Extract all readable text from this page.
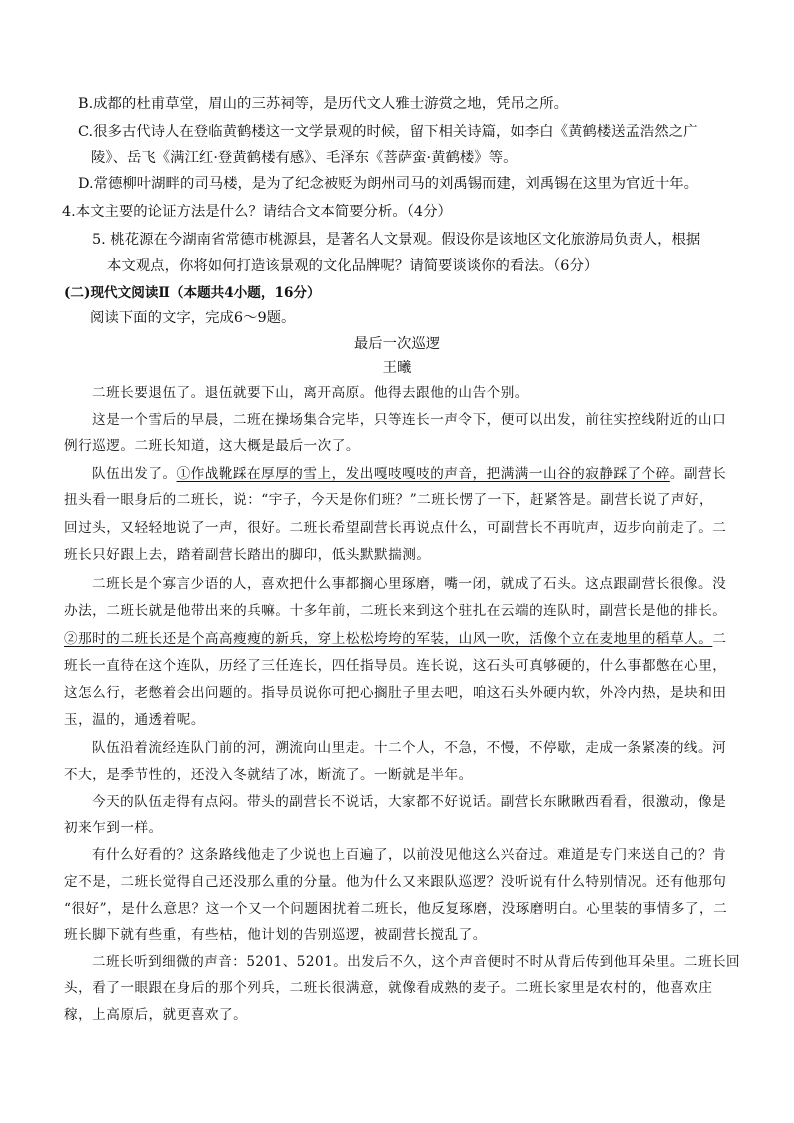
B.成都的杜甫草堂，眉山的三苏祠等，是历代文人雅士游赏之地，凭吊之所。
C.很多古代诗人在登临黄鹤楼这一文学景观的时候，留下相关诗篇，如李白《黄鹤楼送孟浩然之广
陵》、岳飞《满江红·登黄鹤楼有感》、毛泽东《菩萨蛮·黄鹤楼》等。
D.常德柳叶湖畔的司马楼，是为了纪念被贬为朗州司马的刘禹锡而建，刘禹锡在这里为官近十年。
4.本文主要的论证方法是什么？请结合文本简要分析。（4分）
5. 桃花源在今湖南省常德市桃源县，是著名人文景观。假设你是该地区文化旅游局负责人，根据
本文观点，你将如何打造该景观的文化品牌呢？请简要谈谈你的看法。（6分）
(二)现代文阅读Ⅱ（本题共4小题，16分）
阅读下面的文字，完成6～9题。
最后一次巡逻
王曦
二班长要退伍了。退伍就要下山，离开高原。他得去跟他的山告个别。
这是一个雪后的早晨，二班在操场集合完毕，只等连长一声令下，便可以出发，前往实控线附近的山口
例行巡逻。二班长知道，这大概是最后一次了。
队伍出发了。①作战靴踩在厚厚的雪上，发出嘎吱嘎吱的声音，把满满一山谷的寂静踩了个碎。副营长
扭头看一眼身后的二班长，说：“宇子，今天是你们班？”二班长愣了一下，赶紧答是。副营长说了声好，
回过头，又轻轻地说了一声，很好。二班长希望副营长再说点什么，可副营长不再吭声，迈步向前走了。二
班长只好跟上去，踏着副营长踏出的脚印，低头默默揣测。
二班长是个寡言少语的人，喜欢把什么事都搁心里琢磨，嘴一闭，就成了石头。这点跟副营长很像。没
办法，二班长就是他带出来的兵嘛。十多年前，二班长来到这个驻扎在云端的连队时，副营长是他的排长。
②那时的二班长还是个高高瘦瘦的新兵，穿上松松垮垮的军装，山风一吹，活像个立在麦地里的稻草人。二
班长一直待在这个连队，历经了三任连长，四任指导员。连长说，这石头可真够硬的，什么事都憋在心里，
这怎么行，老憋着会出问题的。指导员说你可把心搁肚子里去吧，咱这石头外硬内软，外冷内热，是块和田
玉，温的，通透着呢。
队伍沿着流经连队门前的河，溯流向山里走。十二个人，不急，不慢，不停歇，走成一条紧凑的线。河
不大，是季节性的，还没入冬就结了冰，断流了。一断就是半年。
今天的队伍走得有点闷。带头的副营长不说话，大家都不好说话。副营长东瞅瞅西看看，很激动，像是
初来乍到一样。
有什么好看的？这条路线他走了少说也上百遍了，以前没见他这么兴奋过。难道是专门来送自己的？肯
定不是，二班长觉得自己还没那么重的分量。他为什么又来跟队巡逻？没听说有什么特别情况。还有他那句
“很好”，是什么意思？这一个又一个问题困扰着二班长，他反复琢磨，没琢磨明白。心里装的事情多了，二
班长脚下就有些重，有些枯，他计划的告别巡逻，被副营长搅乱了。
二班长听到细微的声音：5201、5201。出发后不久，这个声音便时不时从背后传到他耳朵里。二班长回
头，看了一眼跟在身后的那个列兵，二班长很满意，就像看成熟的麦子。二班长家里是农村的，他喜欢庄
稼，上高原后，就更喜欢了。
